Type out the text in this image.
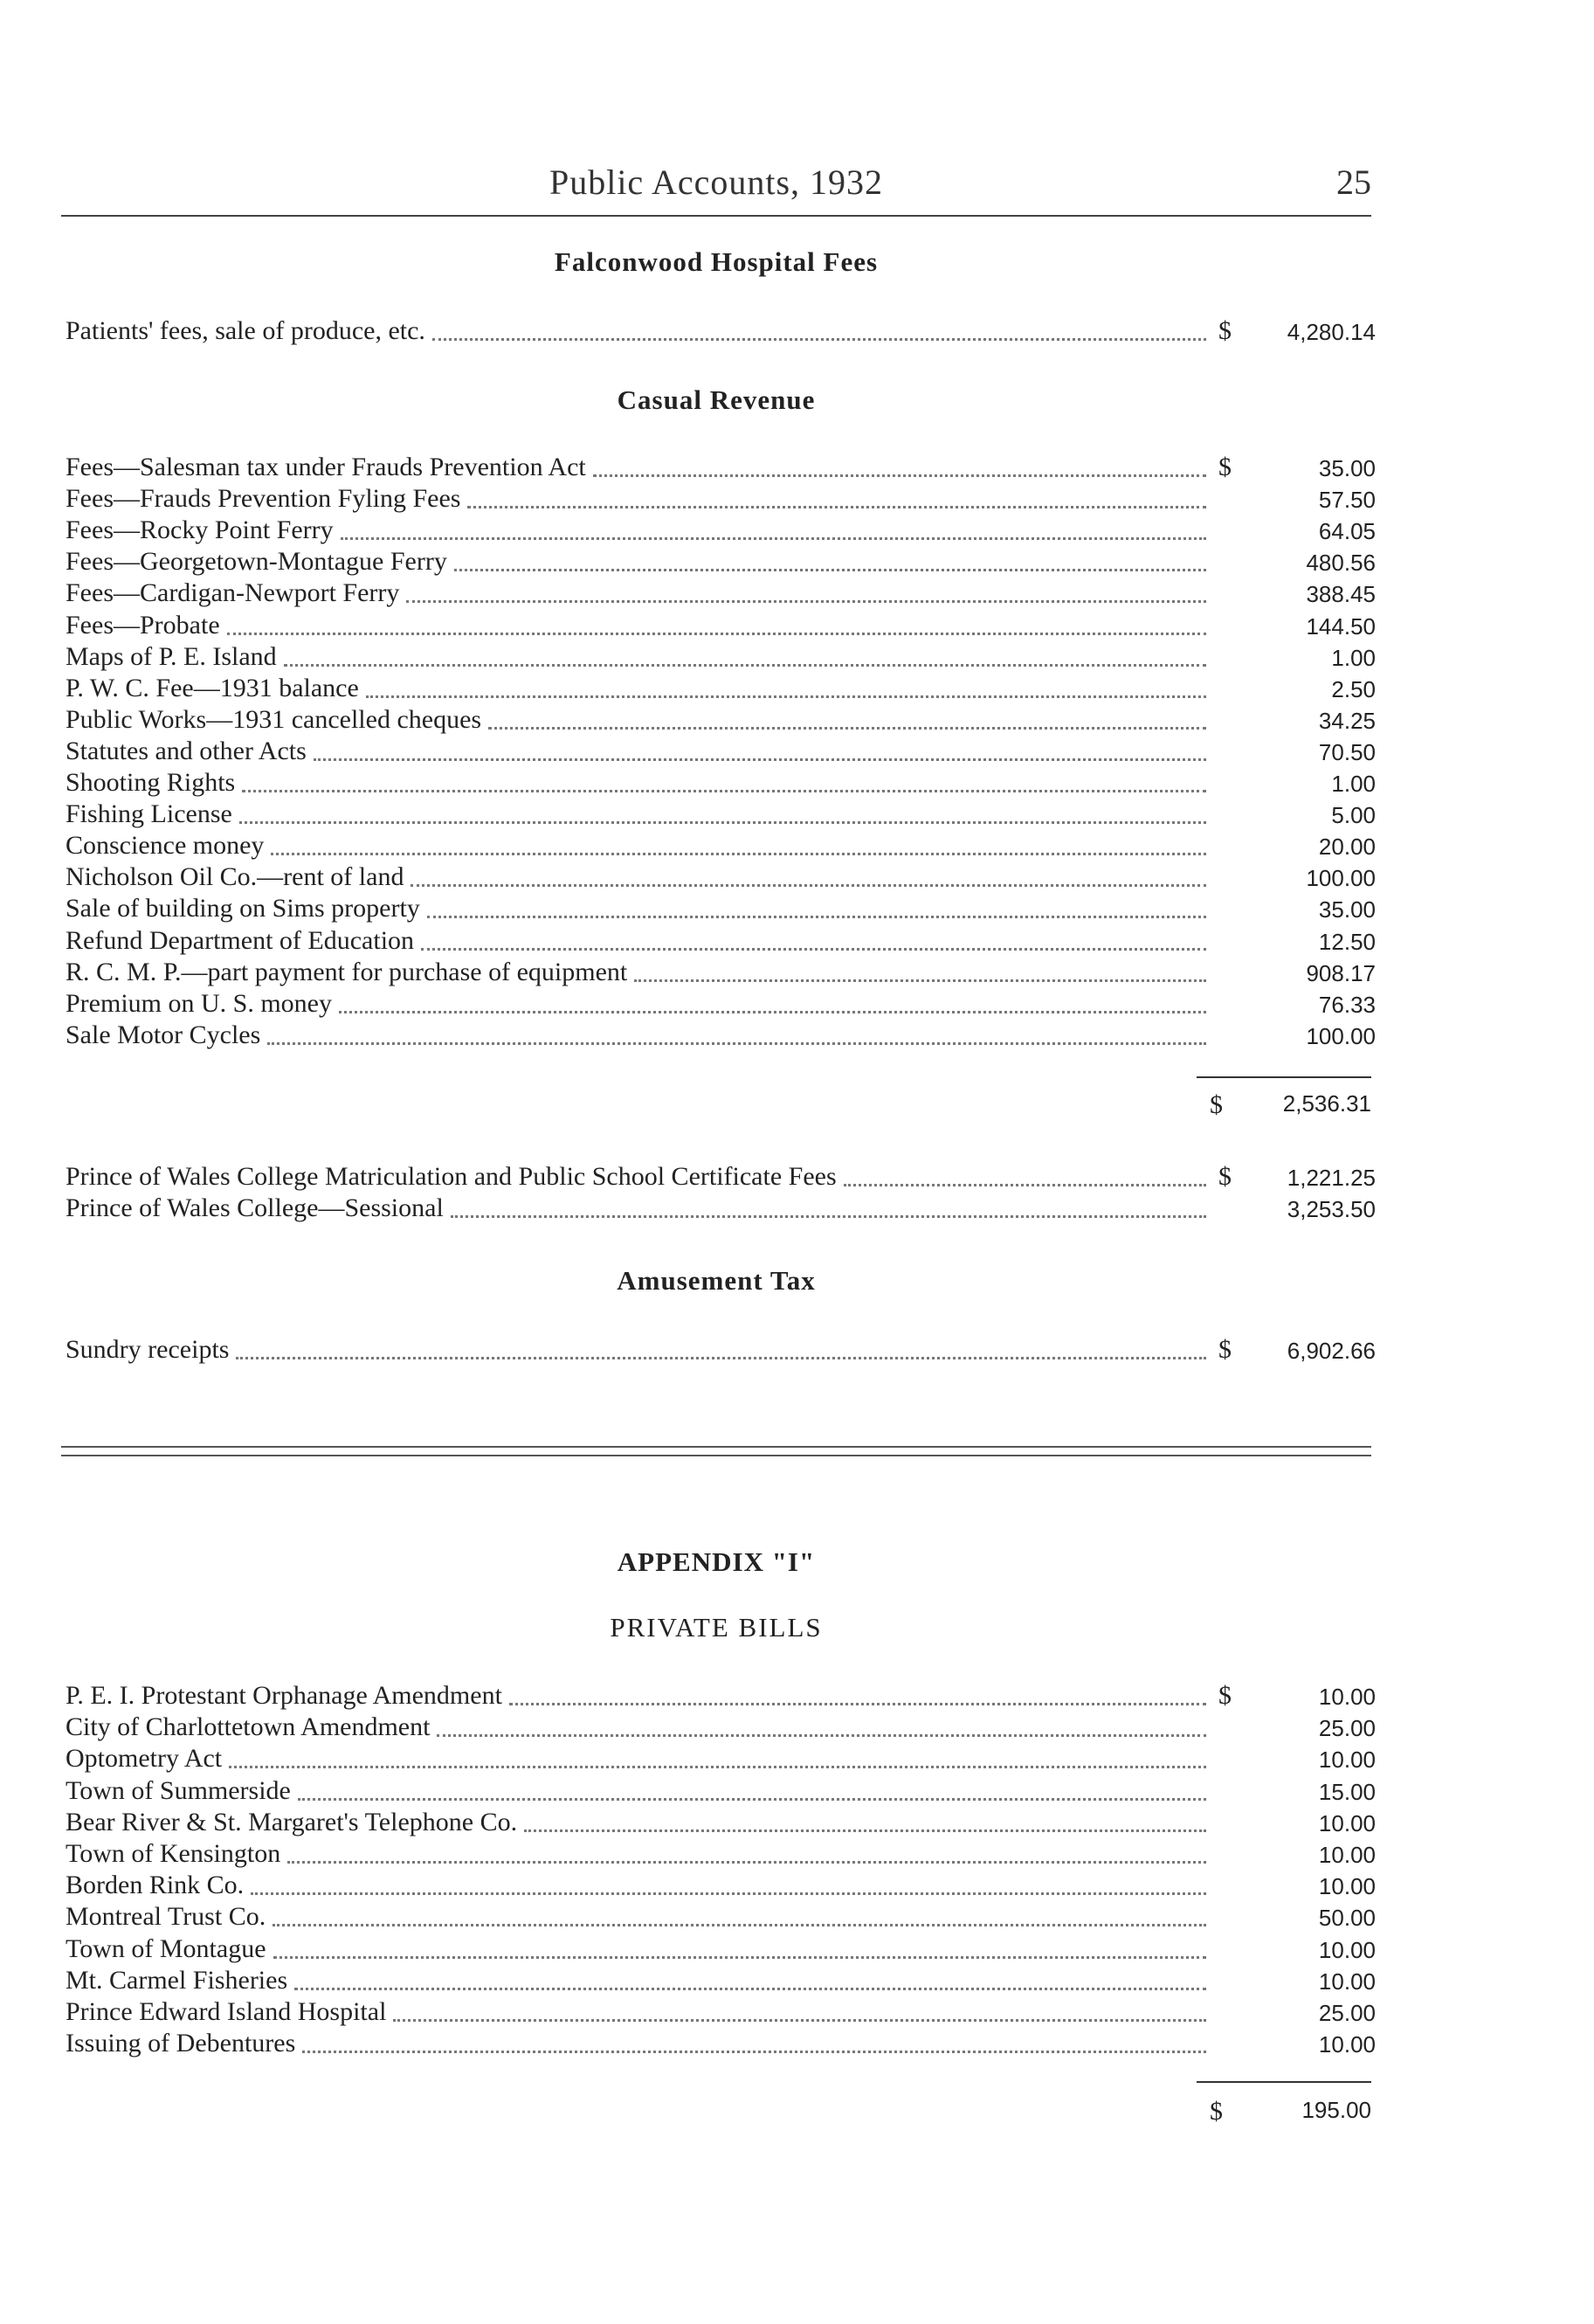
Public Accounts, 1932	25
Falconwood Hospital Fees
Patients' fees, sale of produce, etc.	$	4,280.14
Casual Revenue
Fees—Salesman tax under Frauds Prevention Act	$	35.00
Fees—Frauds Prevention Fyling Fees	57.50
Fees—Rocky Point Ferry	64.05
Fees—Georgetown-Montague Ferry	480.56
Fees—Cardigan-Newport Ferry	388.45
Fees—Probate	144.50
Maps of P. E. Island	1.00
P. W. C. Fee—1931 balance	2.50
Public Works—1931 cancelled cheques	34.25
Statutes and other Acts	70.50
Shooting Rights	1.00
Fishing License	5.00
Conscience money	20.00
Nicholson Oil Co.—rent of land	100.00
Sale of building on Sims property	35.00
Refund Department of Education	12.50
R. C. M. P.—part payment for purchase of equipment	908.17
Premium on U. S. money	76.33
Sale Motor Cycles	100.00
$	2,536.31
Prince of Wales College Matriculation and Public School Certificate Fees	$	1,221.25
Prince of Wales College—Sessional	3,253.50
Amusement Tax
Sundry receipts	$	6,902.66
APPENDIX "I"
PRIVATE BILLS
P. E. I. Protestant Orphanage Amendment	$	10.00
City of Charlottetown Amendment	25.00
Optometry Act	10.00
Town of Summerside	15.00
Bear River & St. Margaret's Telephone Co.	10.00
Town of Kensington	10.00
Borden Rink Co.	10.00
Montreal Trust Co.	50.00
Town of Montague	10.00
Mt. Carmel Fisheries	10.00
Prince Edward Island Hospital	25.00
Issuing of Debentures	10.00
$	195.00
